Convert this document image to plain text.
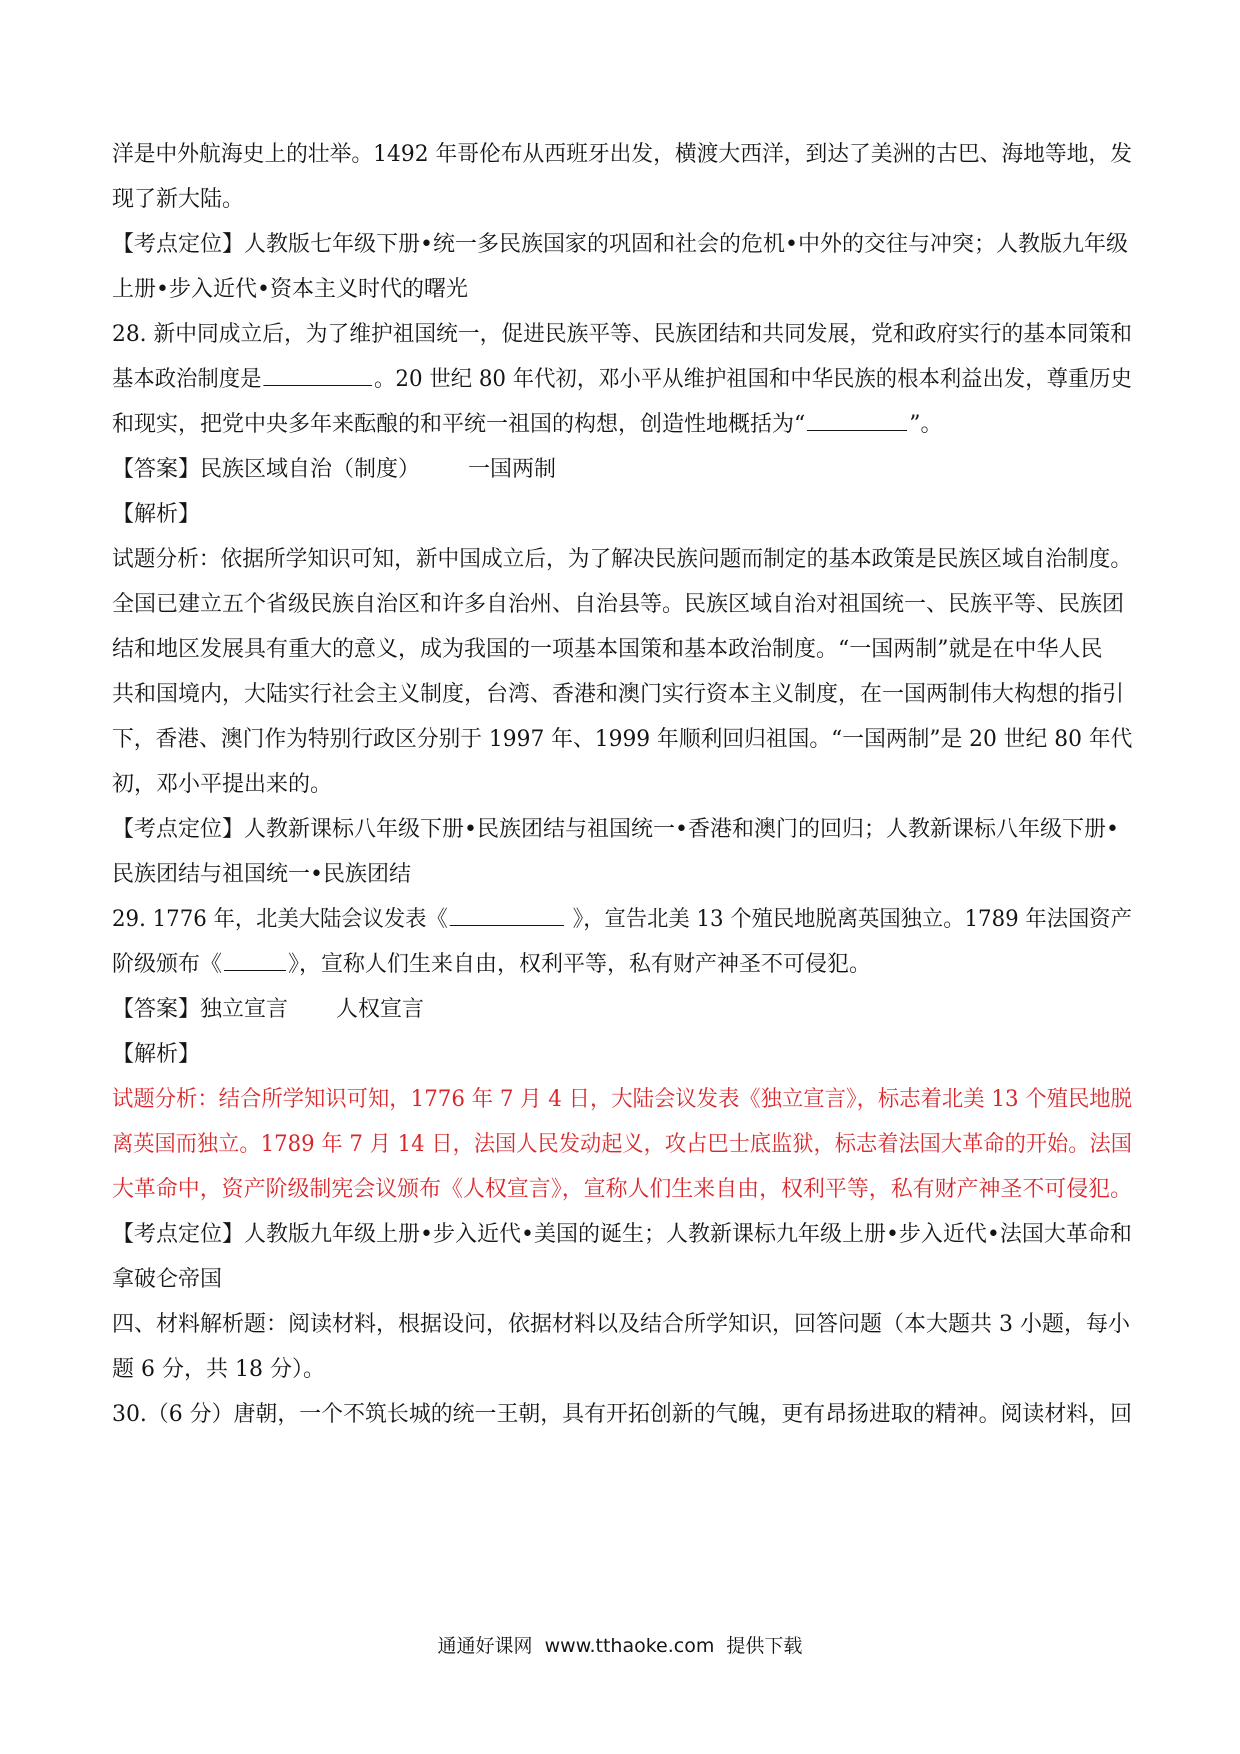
洋是中外航海史上的壮举。1492 年哥伦布从西班牙出发，横渡大西洋，到达了美洲的古巴、海地等地，发
现了新大陆。
【考点定位】人教版七年级下册•统一多民族国家的巩固和社会的危机•中外的交往与冲突；人教版九年级
上册•步入近代•资本主义时代的曙光
28. 新中同成立后，为了维护祖国统一，促进民族平等、民族团结和共同发展，党和政府实行的基本同策和
基本政治制度是	。20 世纪 80 年代初，邓小平从维护祖国和中华民族的根本利益出发，尊重历史
和现实，把党中央多年来酝酿的和平统一祖国的构想，创造性地概括为“	”。
【答案】民族区域自治（制度） 一国两制
【解析】
试题分析：依据所学知识可知，新中国成立后，为了解决民族问题而制定的基本政策是民族区域自治制度。
全国已建立五个省级民族自治区和许多自治州、自治县等。民族区域自治对祖国统一、民族平等、民族团
结和地区发展具有重大的意义，成为我国的一项基本国策和基本政治制度。“一国两制”就是在中华人民
共和国境内，大陆实行社会主义制度，台湾、香港和澳门实行资本主义制度，在一国两制伟大构想的指引
下，香港、澳门作为特别行政区分别于 1997 年、1999 年顺利回归祖国。“一国两制”是 20 世纪 80 年代
初，邓小平提出来的。
【考点定位】人教新课标八年级下册•民族团结与祖国统一•香港和澳门的回归；人教新课标八年级下册•
民族团结与祖国统一•民族团结
29. 1776 年，北美大陆会议发表《	》，宣告北美 13 个殖民地脱离英国独立。1789 年法国资产
阶级颁布《	》，宣称人们生来自由，权利平等，私有财产神圣不可侵犯。
【答案】独立宣言 人权宣言
【解析】
试题分析：结合所学知识可知，1776 年 7 月 4 日，大陆会议发表《独立宣言》，标志着北美 13 个殖民地脱
离英国而独立。1789 年 7 月 14 日，法国人民发动起义，攻占巴士底监狱，标志着法国大革命的开始。法国
大革命中，资产阶级制宪会议颁布《人权宣言》，宣称人们生来自由，权利平等，私有财产神圣不可侵犯。
【考点定位】人教版九年级上册•步入近代•美国的诞生；人教新课标九年级上册•步入近代•法国大革命和
拿破仑帝国
四、材料解析题：阅读材料，根据设问，依据材料以及结合所学知识，回答问题（本大题共 3 小题，每小
题 6 分，共 18 分）。
30.（6 分）唐朝，一个不筑长城的统一王朝，具有开拓创新的气魄，更有昂扬进取的精神。阅读材料，回
通通好课网 www.tthaoke.com 提供下载
